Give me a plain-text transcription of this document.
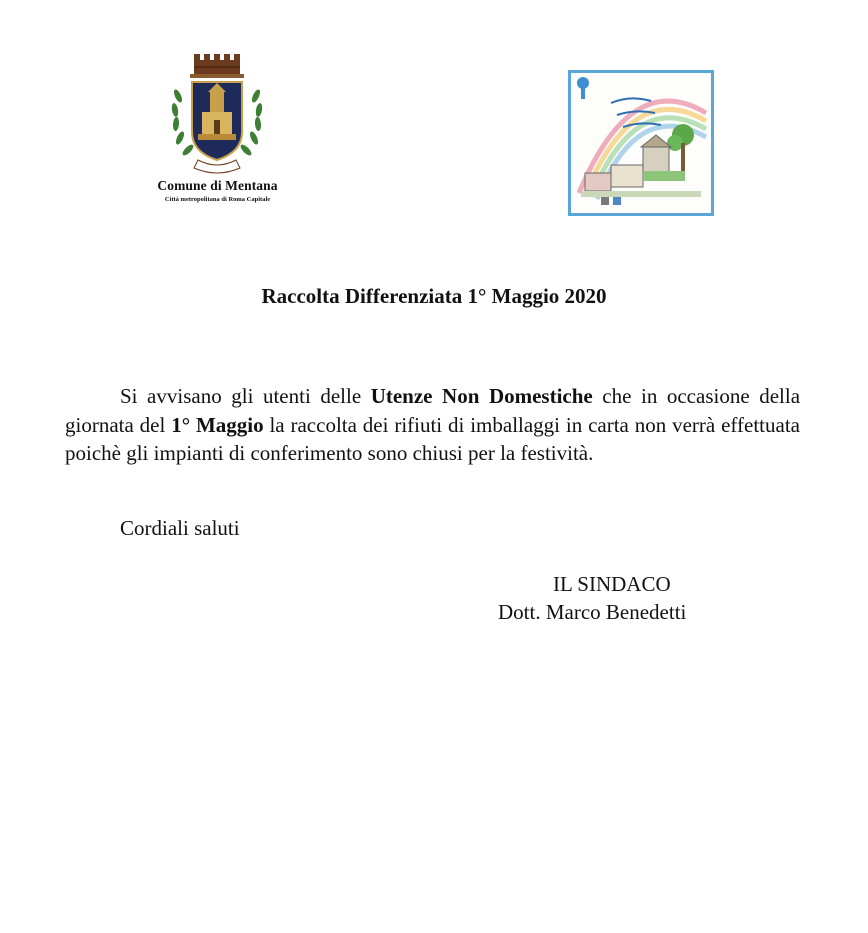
Comune di Mentana
Città metropolitana di Roma Capitale
Raccolta Differenziata 1° Maggio 2020

Si avvisano gli utenti delle Utenze Non Domestiche che in occasione della giornata del 1° Maggio la raccolta dei rifiuti di imballaggi in carta non verrà effettuata poichè gli impianti di conferimento sono chiusi per la festività.

Cordiali saluti

IL SINDACO
Dott. Marco Benedetti
